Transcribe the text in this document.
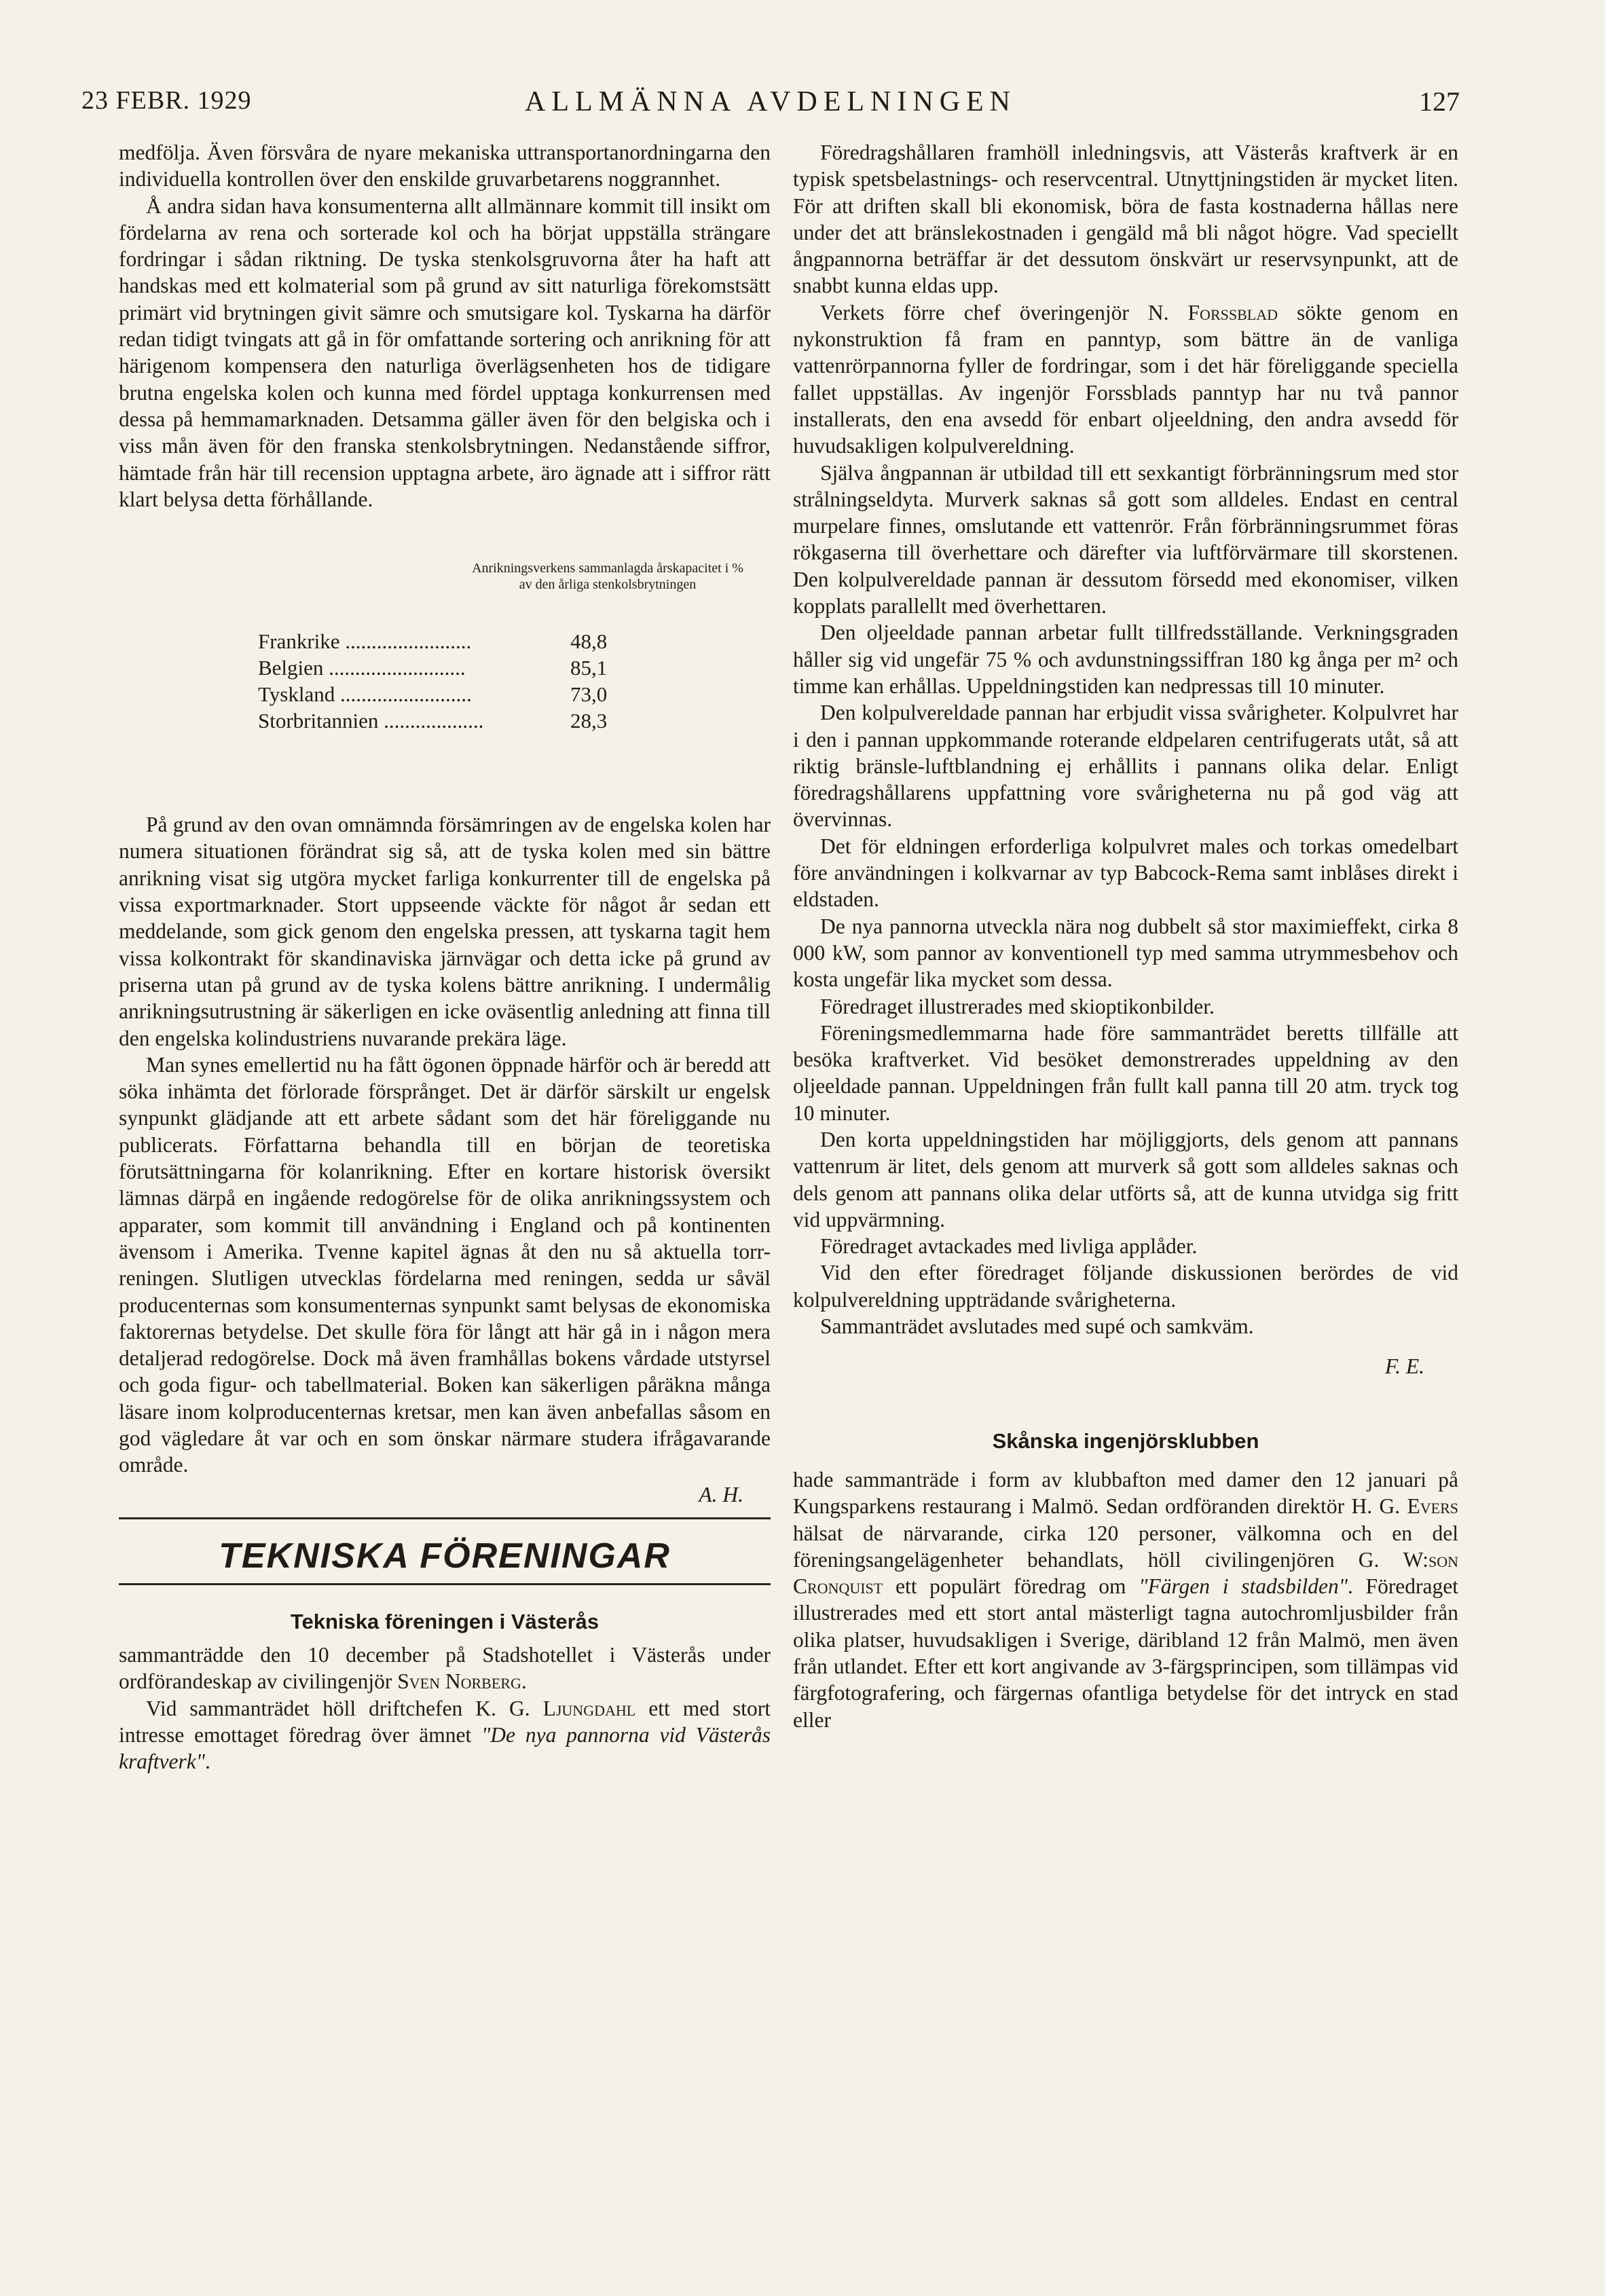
23 FEBR. 1929	ALLMÄNNA AVDELNINGEN	127

medfölja. Även försvåra de nyare mekaniska uttransportanordningarna den individuella kontrollen över den enskilde gruvarbetarens noggrannhet.

Å andra sidan hava konsumenterna allt allmännare kommit till insikt om fördelarna av rena och sorterade kol och ha börjat uppställa strängare fordringar i sådan riktning. De tyska stenkolsgruvorna åter ha haft att handskas med ett kolmaterial som på grund av sitt naturliga förekomstsätt primärt vid brytningen givit sämre och smutsigare kol. Tyskarna ha därför redan tidigt tvingats att gå in för omfattande sortering och anrikning för att härigenom kompensera den naturliga överlägsenheten hos de tidigare brutna engelska kolen och kunna med fördel upptaga konkurrensen med dessa på hemmamarknaden. Detsamma gäller även för den belgiska och i viss mån även för den franska stenkolsbrytningen. Nedanstående siffror, hämtade från här till recension upptagna arbete, äro ägnade att i siffror rätt klart belysa detta förhållande.

Anrikningsverkens sammanlagda årskapacitet i % av den årliga stenkolsbrytningen
Frankrike ........................	48,8
Belgien ..........................	85,1
Tyskland .........................	73,0
Storbritannien ...................	28,3

På grund av den ovan omnämnda försämringen av de engelska kolen har numera situationen förändrat sig så, att de tyska kolen med sin bättre anrikning visat sig utgöra mycket farliga konkurrenter till de engelska på vissa exportmarknader. Stort uppseende väckte för något år sedan ett meddelande, som gick genom den engelska pressen, att tyskarna tagit hem vissa kolkontrakt för skandinaviska järnvägar och detta icke på grund av priserna utan på grund av de tyska kolens bättre anrikning. I undermålig anrikningsutrustning är säkerligen en icke oväsentlig anledning att finna till den engelska kolindustriens nuvarande prekära läge.

Man synes emellertid nu ha fått ögonen öppnade härför och är beredd att söka inhämta det förlorade försprånget. Det är därför särskilt ur engelsk synpunkt glädjande att ett arbete sådant som det här föreliggande nu publicerats. Författarna behandla till en början de teoretiska förutsättningarna för kolanrikning. Efter en kortare historisk översikt lämnas därpå en ingående redogörelse för de olika anrikningssystem och apparater, som kommit till användning i England och på kontinenten ävensom i Amerika. Tvenne kapitel ägnas åt den nu så aktuella torr-reningen. Slutligen utvecklas fördelarna med reningen, sedda ur såväl producenternas som konsumenternas synpunkt samt belysas de ekonomiska faktorernas betydelse. Det skulle föra för långt att här gå in i någon mera detaljerad redogörelse. Dock må även framhållas bokens vårdade utstyrsel och goda figur- och tabellmaterial. Boken kan säkerligen påräkna många läsare inom kolproducenternas kretsar, men kan även anbefallas såsom en god vägledare åt var och en som önskar närmare studera ifrågavarande område.

A. H.
TEKNISKA FÖRENINGAR
Tekniska föreningen i Västerås

sammanträdde den 10 december på Stadshotellet i Västerås under ordförandeskap av civilingenjör Sven Norberg.

Vid sammanträdet höll driftchefen K. G. Ljungdahl ett med stort intresse emottaget föredrag över ämnet "De nya pannorna vid Västerås kraftverk".

Föredragshållaren framhöll inledningsvis, att Västerås kraftverk är en typisk spetsbelastnings- och reservcentral. Utnyttjningstiden är mycket liten. För att driften skall bli ekonomisk, böra de fasta kostnaderna hållas nere under det att bränslekostnaden i gengäld må bli något högre. Vad speciellt ångpannorna beträffar är det dessutom önskvärt ur reservsynpunkt, att de snabbt kunna eldas upp.

Verkets förre chef överingenjör N. Forssblad sökte genom en nykonstruktion få fram en panntyp, som bättre än de vanliga vattenrörpannorna fyller de fordringar, som i det här föreliggande speciella fallet uppställas. Av ingenjör Forssblads panntyp har nu två pannor installerats, den ena avsedd för enbart oljeeldning, den andra avsedd för huvudsakligen kolpulvereldning.

Själva ångpannan är utbildad till ett sexkantigt förbränningsrum med stor strålningseldyta. Murverk saknas så gott som alldeles. Endast en central murpelare finnes, omslutande ett vattenrör. Från förbränningsrummet föras rökgaserna till överhettare och därefter via luftförvärmare till skorstenen. Den kolpulvereldade pannan är dessutom försedd med ekonomiser, vilken kopplats parallellt med överhettaren.

Den oljeeldade pannan arbetar fullt tillfredsställande. Verkningsgraden håller sig vid ungefär 75 % och avdunstningssiffran 180 kg ånga per m² och timme kan erhållas. Uppeldningstiden kan nedpressas till 10 minuter.

Den kolpulvereldade pannan har erbjudit vissa svårigheter. Kolpulvret har i den i pannan uppkommande roterande eldpelaren centrifugerats utåt, så att riktig bränsle-luftblandning ej erhållits i pannans olika delar. Enligt föredragshållarens uppfattning vore svårigheterna nu på god väg att övervinnas.

Det för eldningen erforderliga kolpulvret males och torkas omedelbart före användningen i kolkvarnar av typ Babcock-Rema samt inblåses direkt i eldstaden.

De nya pannorna utveckla nära nog dubbelt så stor maximieffekt, cirka 8 000 kW, som pannor av konventionell typ med samma utrymmesbehov och kosta ungefär lika mycket som dessa.

Föredraget illustrerades med skioptikonbilder.

Föreningsmedlemmarna hade före sammanträdet beretts tillfälle att besöka kraftverket. Vid besöket demonstrerades uppeldning av den oljeeldade pannan. Uppeldningen från fullt kall panna till 20 atm. tryck tog 10 minuter.

Den korta uppeldningstiden har möjliggjorts, dels genom att pannans vattenrum är litet, dels genom att murverk så gott som alldeles saknas och dels genom att pannans olika delar utförts så, att de kunna utvidga sig fritt vid uppvärmning.

Föredraget avtackades med livliga applåder.

Vid den efter föredraget följande diskussionen berördes de vid kolpulvereldning uppträdande svårigheterna.

Sammanträdet avslutades med supé och samkväm.

F. E.
Skånska ingenjörsklubben

hade sammanträde i form av klubbafton med damer den 12 januari på Kungsparkens restaurang i Malmö. Sedan ordföranden direktör H. G. Evers hälsat de närvarande, cirka 120 personer, välkomna och en del föreningsangelägenheter behandlats, höll civilingenjören G. W:son Cronquist ett populärt föredrag om "Färgen i stadsbilden". Föredraget illustrerades med ett stort antal mästerligt tagna autochromljusbilder från olika platser, huvudsakligen i Sverige, däribland 12 från Malmö, men även från utlandet. Efter ett kort angivande av 3-färgsprincipen, som tillämpas vid färgfotografering, och färgernas ofantliga betydelse för det intryck en stad eller
